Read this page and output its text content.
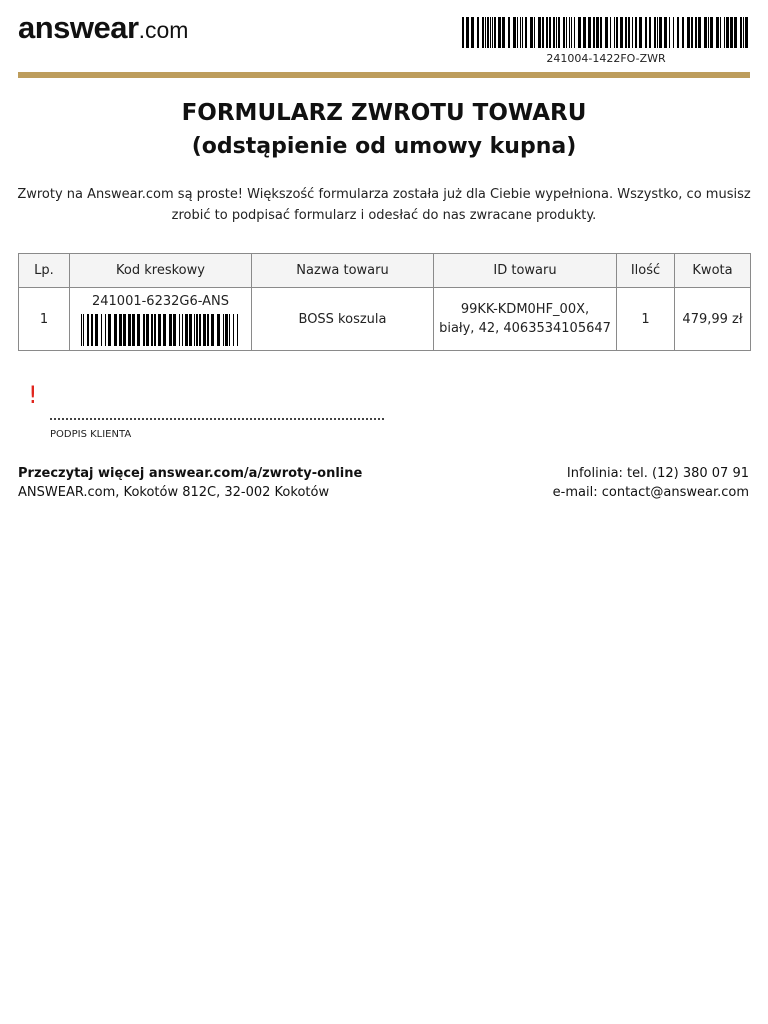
answear.com
241004-1422FO-ZWR
FORMULARZ ZWROTU TOWARU
(odstąpienie od umowy kupna)
Zwroty na Answear.com są proste! Większość formularza została już dla Ciebie wypełniona. Wszystko, co musisz
zrobić to podpisać formularz i odesłać do nas zwracane produkty.
Lp.	Kod kreskowy	Nazwa towaru	ID towaru	Ilość	Kwota
1	241001-6232G6-ANS	BOSS koszula	99KK-KDM0HF_00X,
biały, 42, 4063534105647	1	479,99 zł
!
PODPIS KLIENTA
Przeczytaj więcej answear.com/a/zwroty-online
ANSWEAR.com, Kokotów 812C, 32-002 Kokotów
Infolinia: tel. (12) 380 07 91
e-mail: contact@answear.com
